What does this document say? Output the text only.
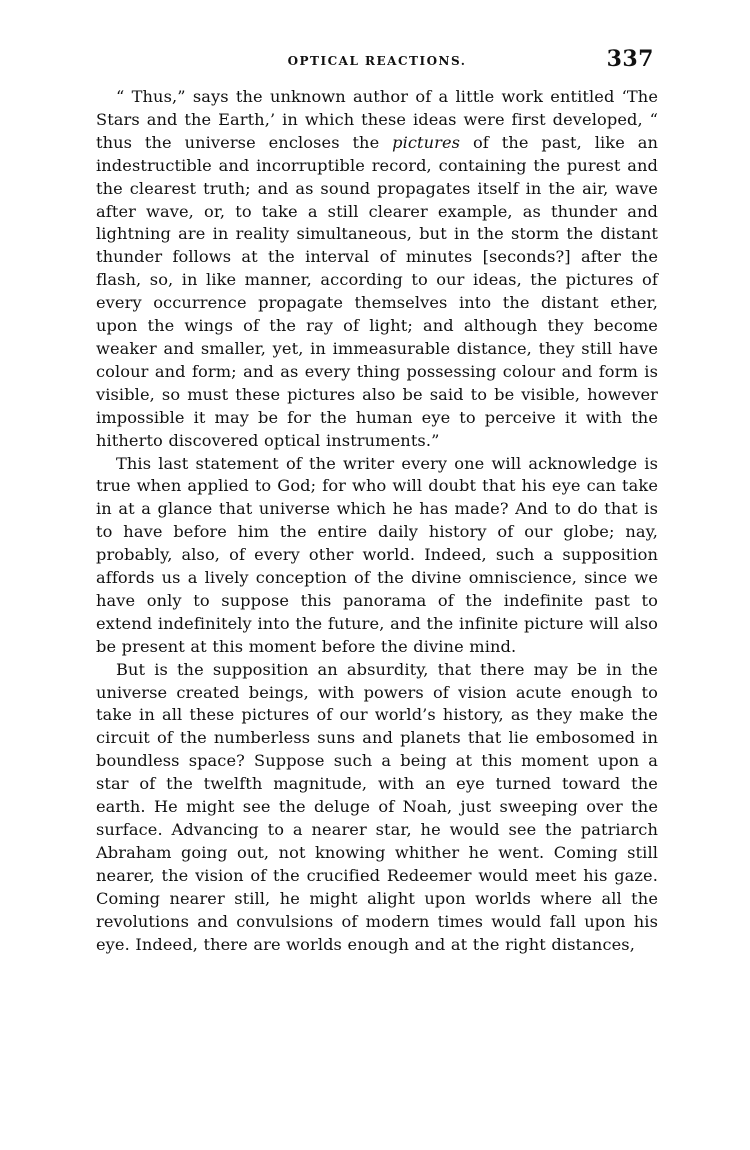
OPTICAL REACTIONS.	337

“ Thus,” says the unknown author of a little work entitled ‘The Stars and the Earth,’ in which these ideas were first developed, “ thus the universe encloses the pictures of the past, like an indestructible and incorruptible record, containing the purest and the clearest truth; and as sound propagates itself in the air, wave after wave, or, to take a still clearer example, as thunder and lightning are in reality simultaneous, but in the storm the distant thunder follows at the interval of minutes [seconds?] after the flash, so, in like manner, according to our ideas, the pictures of every occurrence propagate themselves into the distant ether, upon the wings of the ray of light; and although they become weaker and smaller, yet, in immeasurable distance, they still have colour and form; and as every thing possessing colour and form is visible, so must these pictures also be said to be visible, however impossible it may be for the human eye to perceive it with the hitherto discovered optical instruments.”

This last statement of the writer every one will acknowledge is true when applied to God; for who will doubt that his eye can take in at a glance that universe which he has made? And to do that is to have before him the entire daily history of our globe; nay, probably, also, of every other world. Indeed, such a supposition affords us a lively conception of the divine omniscience, since we have only to suppose this panorama of the indefinite past to extend indefinitely into the future, and the infinite picture will also be present at this moment before the divine mind.

But is the supposition an absurdity, that there may be in the universe created beings, with powers of vision acute enough to take in all these pictures of our world’s history, as they make the circuit of the numberless suns and planets that lie embosomed in boundless space? Suppose such a being at this moment upon a star of the twelfth magnitude, with an eye turned toward the earth. He might see the deluge of Noah, just sweeping over the surface. Advancing to a nearer star, he would see the patriarch Abraham going out, not knowing whither he went. Coming still nearer, the vision of the crucified Redeemer would meet his gaze. Coming nearer still, he might alight upon worlds where all the revolutions and convulsions of modern times would fall upon his eye. Indeed, there are worlds enough and at the right distances,
